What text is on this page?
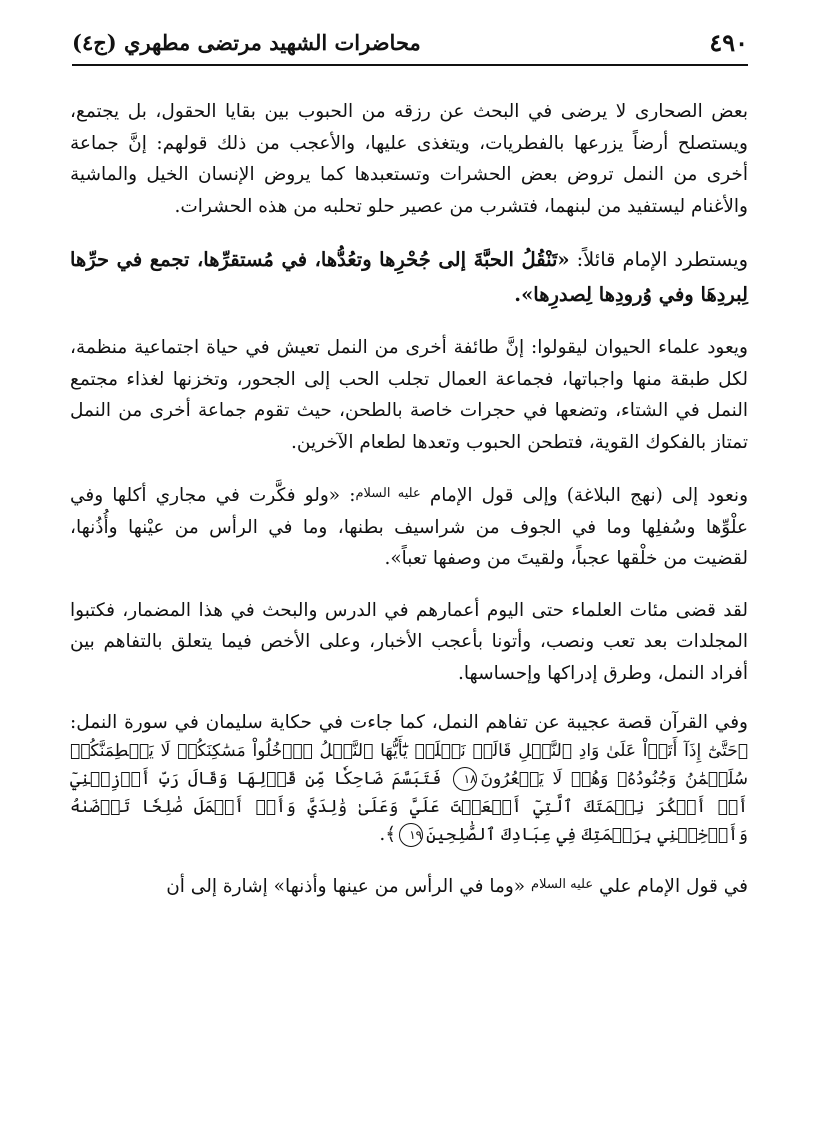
محاضرات الشهيد مرتضى مطهري (ج٤)	٤٩٠

بعض الصحارى لا يرضى في البحث عن رزقه من الحبوب بين بقايا الحقول، بل يجتمع، ويستصلح أرضاً يزرعها بالفطريات، ويتغذى عليها، والأعجب من ذلك قولهم: إنَّ جماعة أخرى من النمل تروض بعض الحشرات وتستعبدها كما يروض الإنسان الخيل والماشية والأغنام ليستفيد من لبنهما، فتشرب من عصير حلو تحلبه من هذه الحشرات.

ويستطرد الإمام قائلاً: «تَنْقُلُ الحبَّةَ إلى جُحْرِها وتعُدُّها، في مُستقرِّها، تجمع في حرِّها لِبردِهَا وفي وُرودِها لِصدرِها».

ويعود علماء الحيوان ليقولوا: إنَّ طائفة أخرى من النمل تعيش في حياة اجتماعية منظمة، لكل طبقة منها واجباتها، فجماعة العمال تجلب الحب إلى الجحور، وتخزنها لغذاء مجتمع النمل في الشتاء، وتضعها في حجرات خاصة بالطحن، حيث تقوم جماعة أخرى من النمل تمتاز بالفكوك القوية، فتطحن الحبوب وتعدها لطعام الآخرين.

ونعود إلى (نهج البلاغة) وإلى قول الإمام $^{عليه السلام}$: «ولو فكَّرت في مجاري أكلها وفي علْوِّها وسُفلِها وما في الجوف من شراسيف بطنها، وما في الرأس من عيْنها وأُذُنها، لقضيت من خلْقها عجباً، ولقيتَ من وصفها تعباً».

لقد قضى مئات العلماء حتى اليوم أعمارهم في الدرس والبحث في هذا المضمار، فكتبوا المجلدات بعد تعب ونصب، وأتونا بأعجب الأخبار، وعلى الأخص فيما يتعلق بالتفاهم بين أفراد النمل، وطرق إدراكها وإحساسها.

وفي القرآن قصة عجيبة عن تفاهم النمل، كما جاءت في حكاية سليمان في سورة النمل: ﴿حَتَّىٰٓ إِذَآ أَتَوۡاْ عَلَىٰ وَادِ ٱلنَّمۡلِ قَالَتۡ نَمۡلَةٞ يَٰٓأَيُّهَا ٱلنَّمۡلُ ٱدۡخُلُواْ مَسَٰكِنَكُمۡ لَا يَحۡطِمَنَّكُمۡ سُلَيۡمَٰنُ وَجُنُودُهُۥ وَهُمۡ لَا يَشۡعُرُونَ١٨ فَتَبَسَّمَ ضَاحِكٗا مِّن قَوۡلِهَا وَقَالَ رَبِّ أَوۡزِعۡنِيٓ أَنۡ أَشۡكُرَ نِعۡمَتَكَ ٱلَّتِيٓ أَنۡعَمۡتَ عَلَيَّ وَعَلَىٰ وَٰلِدَيَّ وَأَنۡ أَعۡمَلَ صَٰلِحٗا تَرۡضَىٰهُ وَأَدۡخِلۡنِي بِرَحۡمَتِكَ فِي عِبَادِكَ ٱلصَّٰلِحِينَ١٩﴾.

في قول الإمام علي $^{عليه السلام}$ «وما في الرأس من عينها وأذنها» إشارة إلى أن
